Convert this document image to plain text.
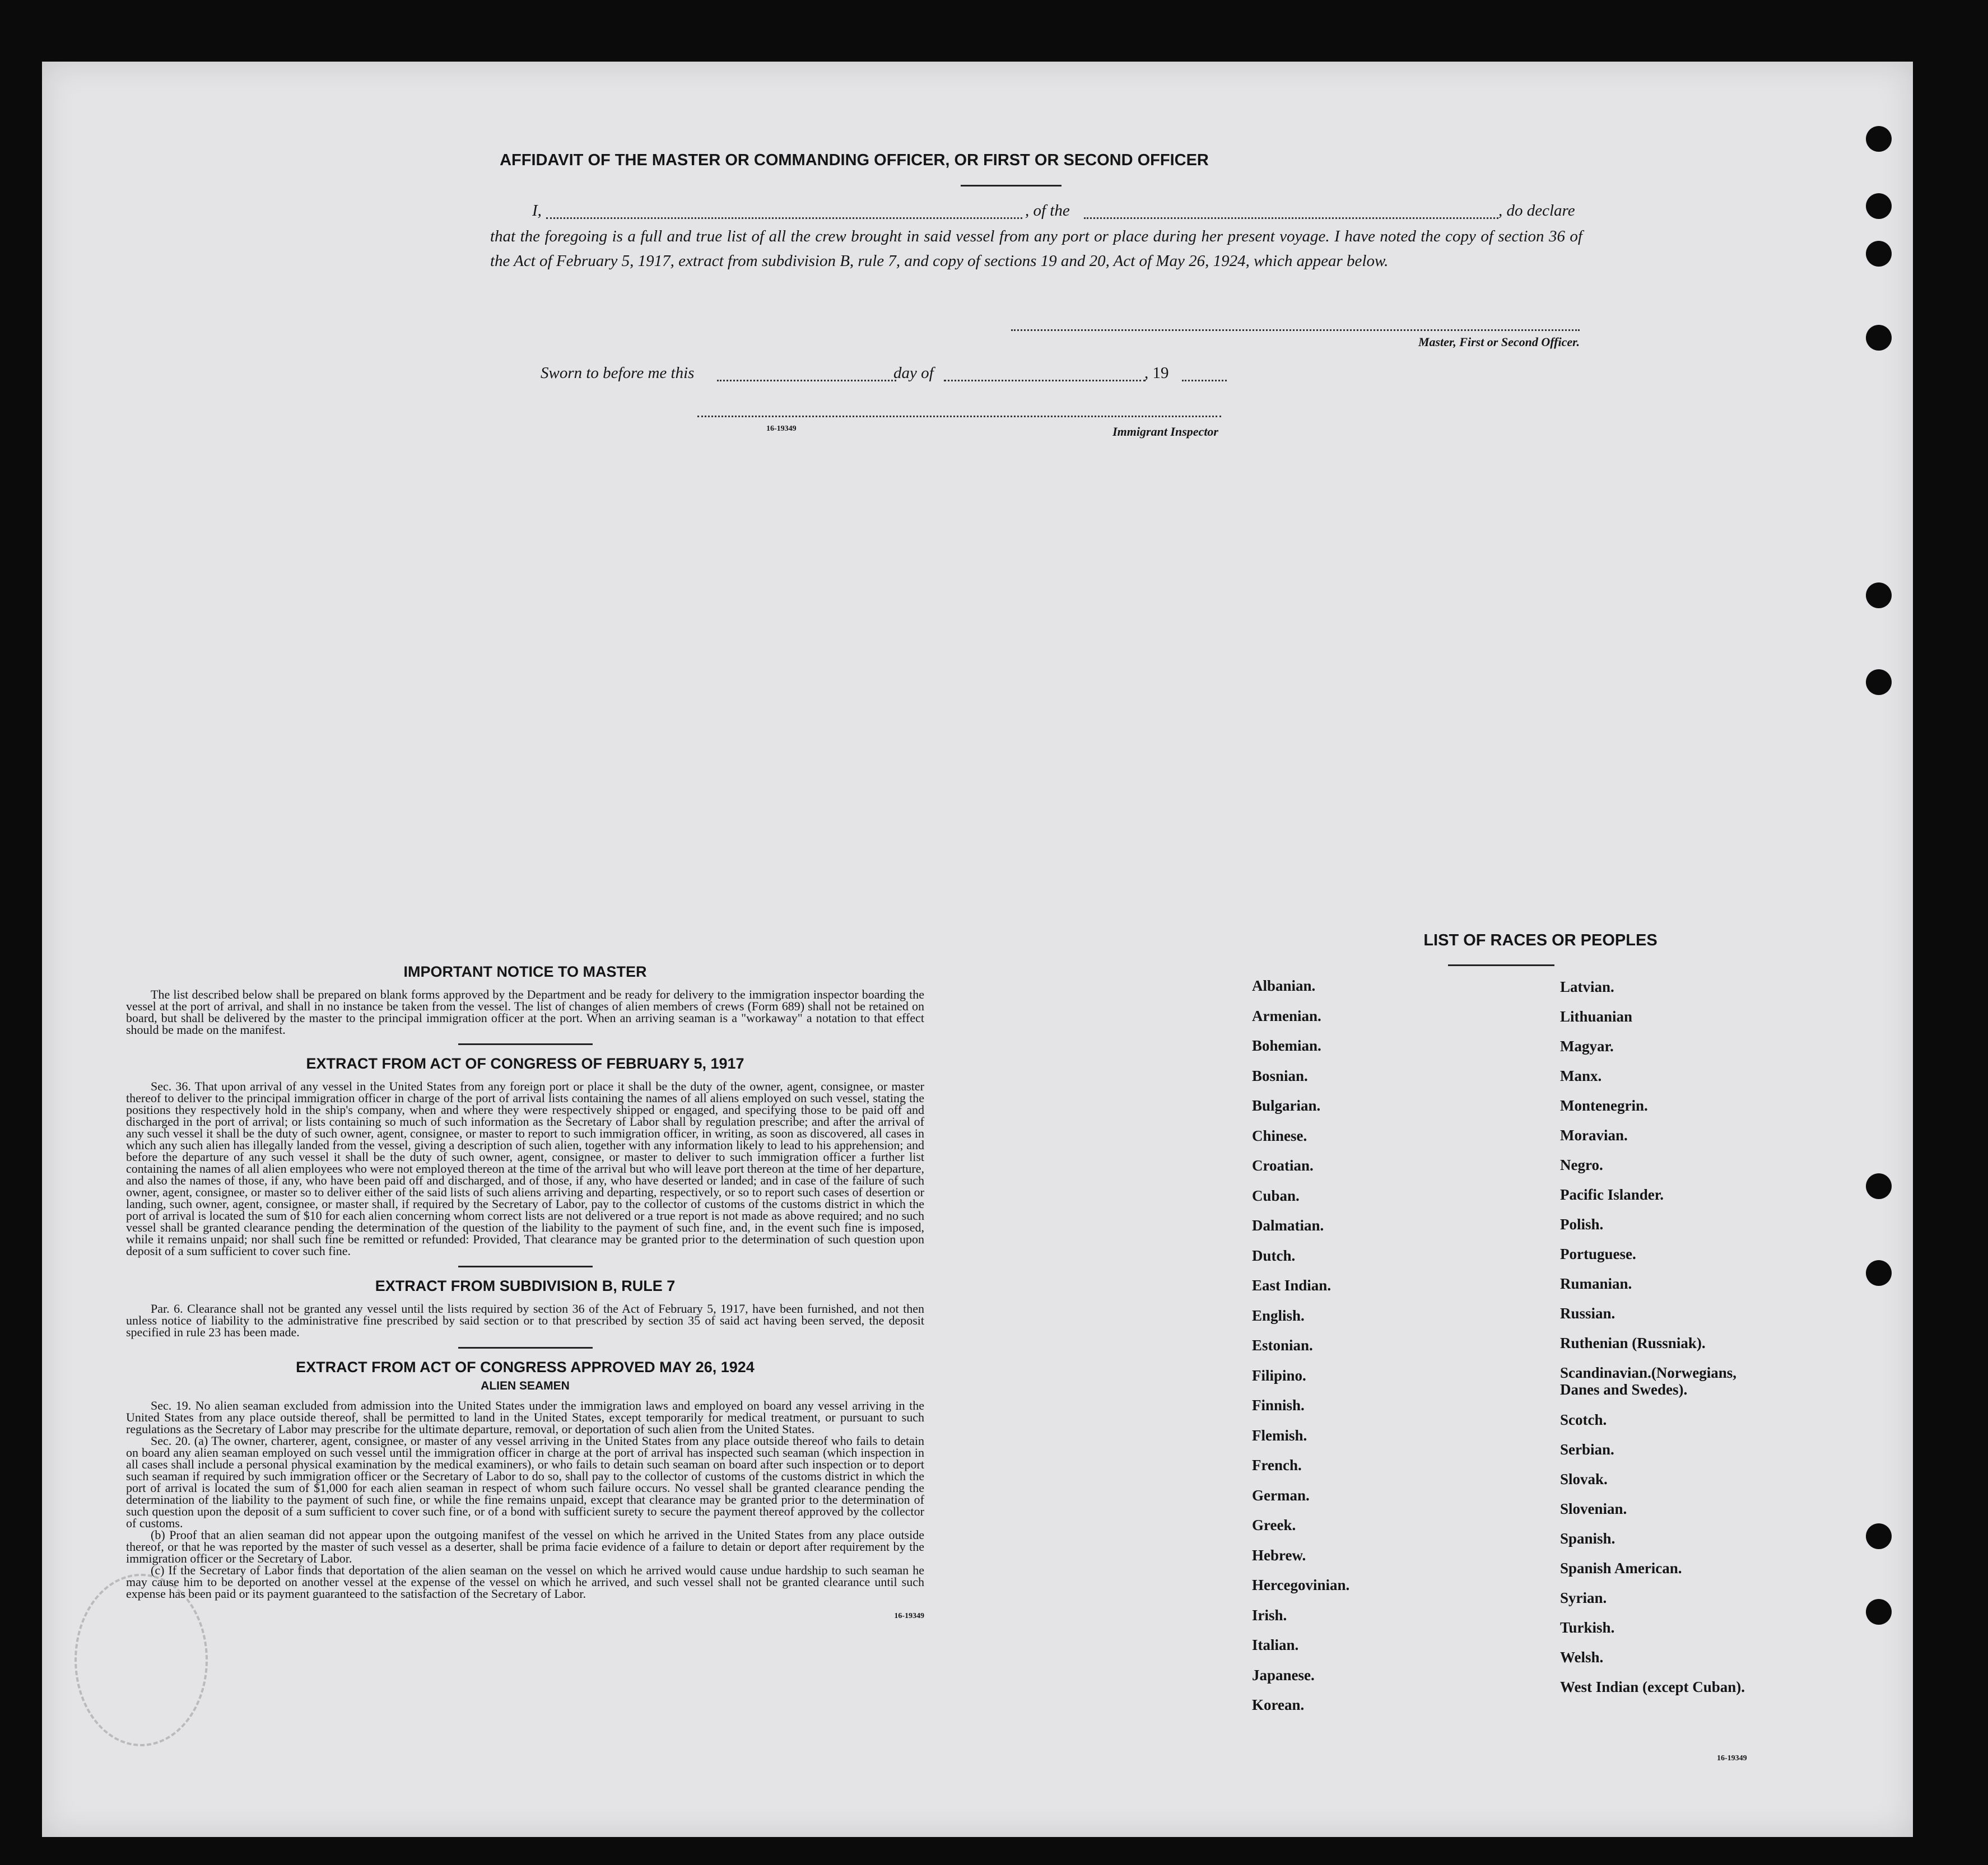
AFFIDAVIT OF THE MASTER OR COMMANDING OFFICER, OR FIRST OR SECOND OFFICER
I,	, of the	, do declare
that the foregoing is a full and true list of all the crew brought in said vessel from any port or place during her present voyage. I have noted the copy of section 36 of the Act of February 5, 1917, extract from subdivision B, rule 7, and copy of sections 19 and 20, Act of May 26, 1924, which appear below.
Master, First or Second Officer.
Sworn to before me this	day of	, 19
16-19349	Immigrant Inspector
IMPORTANT NOTICE TO MASTER

The list described below shall be prepared on blank forms approved by the Department and be ready for delivery to the immigration inspector boarding the vessel at the port of arrival, and shall in no instance be taken from the vessel. The list of changes of alien members of crews (Form 689) shall not be retained on board, but shall be delivered by the master to the principal immigration officer at the port. When an arriving seaman is a "workaway" a notation to that effect should be made on the manifest.

EXTRACT FROM ACT OF CONGRESS OF FEBRUARY 5, 1917

Sec. 36. That upon arrival of any vessel in the United States from any foreign port or place it shall be the duty of the owner, agent, consignee, or master thereof to deliver to the principal immigration officer in charge of the port of arrival lists containing the names of all aliens employed on such vessel, stating the positions they respectively hold in the ship's company, when and where they were respectively shipped or engaged, and specifying those to be paid off and discharged in the port of arrival; or lists containing so much of such information as the Secretary of Labor shall by regulation prescribe; and after the arrival of any such vessel it shall be the duty of such owner, agent, consignee, or master to report to such immigration officer, in writing, as soon as discovered, all cases in which any such alien has illegally landed from the vessel, giving a description of such alien, together with any information likely to lead to his apprehension; and before the departure of any such vessel it shall be the duty of such owner, agent, consignee, or master to deliver to such immigration officer a further list containing the names of all alien employees who were not employed thereon at the time of the arrival but who will leave port thereon at the time of her departure, and also the names of those, if any, who have been paid off and discharged, and of those, if any, who have deserted or landed; and in case of the failure of such owner, agent, consignee, or master so to deliver either of the said lists of such aliens arriving and departing, respectively, or so to report such cases of desertion or landing, such owner, agent, consignee, or master shall, if required by the Secretary of Labor, pay to the collector of customs of the customs district in which the port of arrival is located the sum of $10 for each alien concerning whom correct lists are not delivered or a true report is not made as above required; and no such vessel shall be granted clearance pending the determination of the question of the liability to the payment of such fine, and, in the event such fine is imposed, while it remains unpaid; nor shall such fine be remitted or refunded: Provided, That clearance may be granted prior to the determination of such question upon deposit of a sum sufficient to cover such fine.

EXTRACT FROM SUBDIVISION B, RULE 7

Par. 6. Clearance shall not be granted any vessel until the lists required by section 36 of the Act of February 5, 1917, have been furnished, and not then unless notice of liability to the administrative fine prescribed by said section or to that prescribed by section 35 of said act having been served, the deposit specified in rule 23 has been made.

EXTRACT FROM ACT OF CONGRESS APPROVED MAY 26, 1924
ALIEN SEAMEN

Sec. 19. No alien seaman excluded from admission into the United States under the immigration laws and employed on board any vessel arriving in the United States from any place outside thereof, shall be permitted to land in the United States, except temporarily for medical treatment, or pursuant to such regulations as the Secretary of Labor may prescribe for the ultimate departure, removal, or deportation of such alien from the United States.

Sec. 20. (a) The owner, charterer, agent, consignee, or master of any vessel arriving in the United States from any place outside thereof who fails to detain on board any alien seaman employed on such vessel until the immigration officer in charge at the port of arrival has inspected such seaman (which inspection in all cases shall include a personal physical examination by the medical examiners), or who fails to detain such seaman on board after such inspection or to deport such seaman if required by such immigration officer or the Secretary of Labor to do so, shall pay to the collector of customs of the customs district in which the port of arrival is located the sum of $1,000 for each alien seaman in respect of whom such failure occurs. No vessel shall be granted clearance pending the determination of the liability to the payment of such fine, or while the fine remains unpaid, except that clearance may be granted prior to the determination of such question upon the deposit of a sum sufficient to cover such fine, or of a bond with sufficient surety to secure the payment thereof approved by the collector of customs.

(b) Proof that an alien seaman did not appear upon the outgoing manifest of the vessel on which he arrived in the United States from any place outside thereof, or that he was reported by the master of such vessel as a deserter, shall be prima facie evidence of a failure to detain or deport after requirement by the immigration officer or the Secretary of Labor.

(c) If the Secretary of Labor finds that deportation of the alien seaman on the vessel on which he arrived would cause undue hardship to such seaman he may cause him to be deported on another vessel at the expense of the vessel on which he arrived, and such vessel shall not be granted clearance until such expense has been paid or its payment guaranteed to the satisfaction of the Secretary of Labor.

16-19349
LIST OF RACES OR PEOPLES
Albanian.
Armenian.
Bohemian.
Bosnian.
Bulgarian.
Chinese.
Croatian.
Cuban.
Dalmatian.
Dutch.
East Indian.
English.
Estonian.
Filipino.
Finnish.
Flemish.
French.
German.
Greek.
Hebrew.
Hercegovinian.
Irish.
Italian.
Japanese.
Korean.
Latvian.
Lithuanian
Magyar.
Manx.
Montenegrin.
Moravian.
Negro.
Pacific Islander.
Polish.
Portuguese.
Rumanian.
Russian.
Ruthenian (Russniak).
Scandinavian.(Norwegians, Danes and Swedes).
Scotch.
Serbian.
Slovak.
Slovenian.
Spanish.
Spanish American.
Syrian.
Turkish.
Welsh.
West Indian (except Cuban).
16-19349
